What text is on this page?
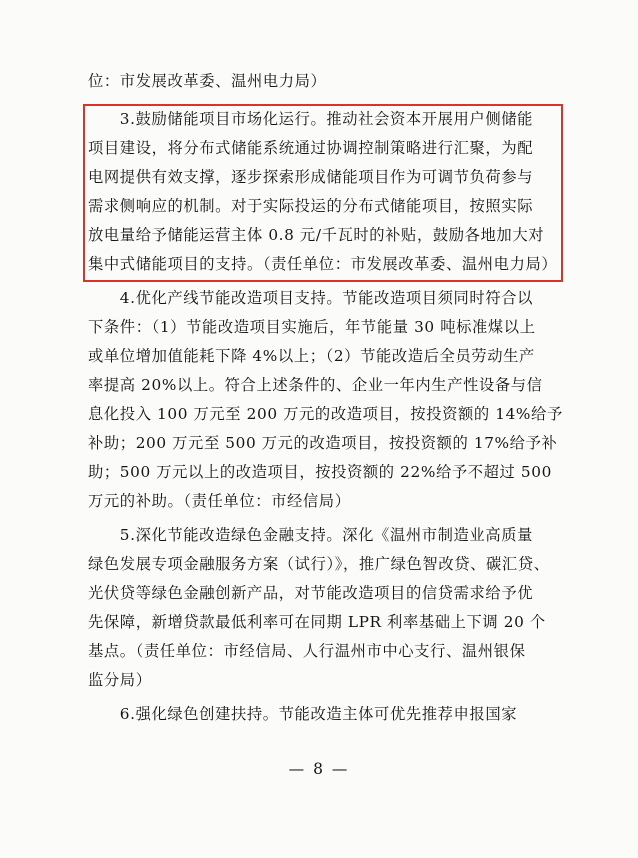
位：市发展改革委、温州电力局）
　　3.鼓励储能项目市场化运行。推动社会资本开展用户侧储能
项目建设，将分布式储能系统通过协调控制策略进行汇聚，为配
电网提供有效支撑，逐步探索形成储能项目作为可调节负荷参与
需求侧响应的机制。对于实际投运的分布式储能项目，按照实际
放电量给予储能运营主体 0.8 元/千瓦时的补贴，鼓励各地加大对
集中式储能项目的支持。（责任单位：市发展改革委、温州电力局）
　　4.优化产线节能改造项目支持。节能改造项目须同时符合以
下条件：（1）节能改造项目实施后，年节能量 30 吨标准煤以上
或单位增加值能耗下降 4%以上；（2）节能改造后全员劳动生产
率提高 20%以上。符合上述条件的、企业一年内生产性设备与信
息化投入 100 万元至 200 万元的改造项目，按投资额的 14%给予
补助；200 万元至 500 万元的改造项目，按投资额的 17%给予补
助；500 万元以上的改造项目，按投资额的 22%给予不超过 500
万元的补助。（责任单位：市经信局）
　　5.深化节能改造绿色金融支持。深化《温州市制造业高质量
绿色发展专项金融服务方案（试行）》，推广绿色智改贷、碳汇贷、
光伏贷等绿色金融创新产品，对节能改造项目的信贷需求给予优
先保障，新增贷款最低利率可在同期 LPR 利率基础上下调 20 个
基点。（责任单位：市经信局、人行温州市中心支行、温州银保
监分局）
　　6.强化绿色创建扶持。节能改造主体可优先推荐申报国家
— 8 —
